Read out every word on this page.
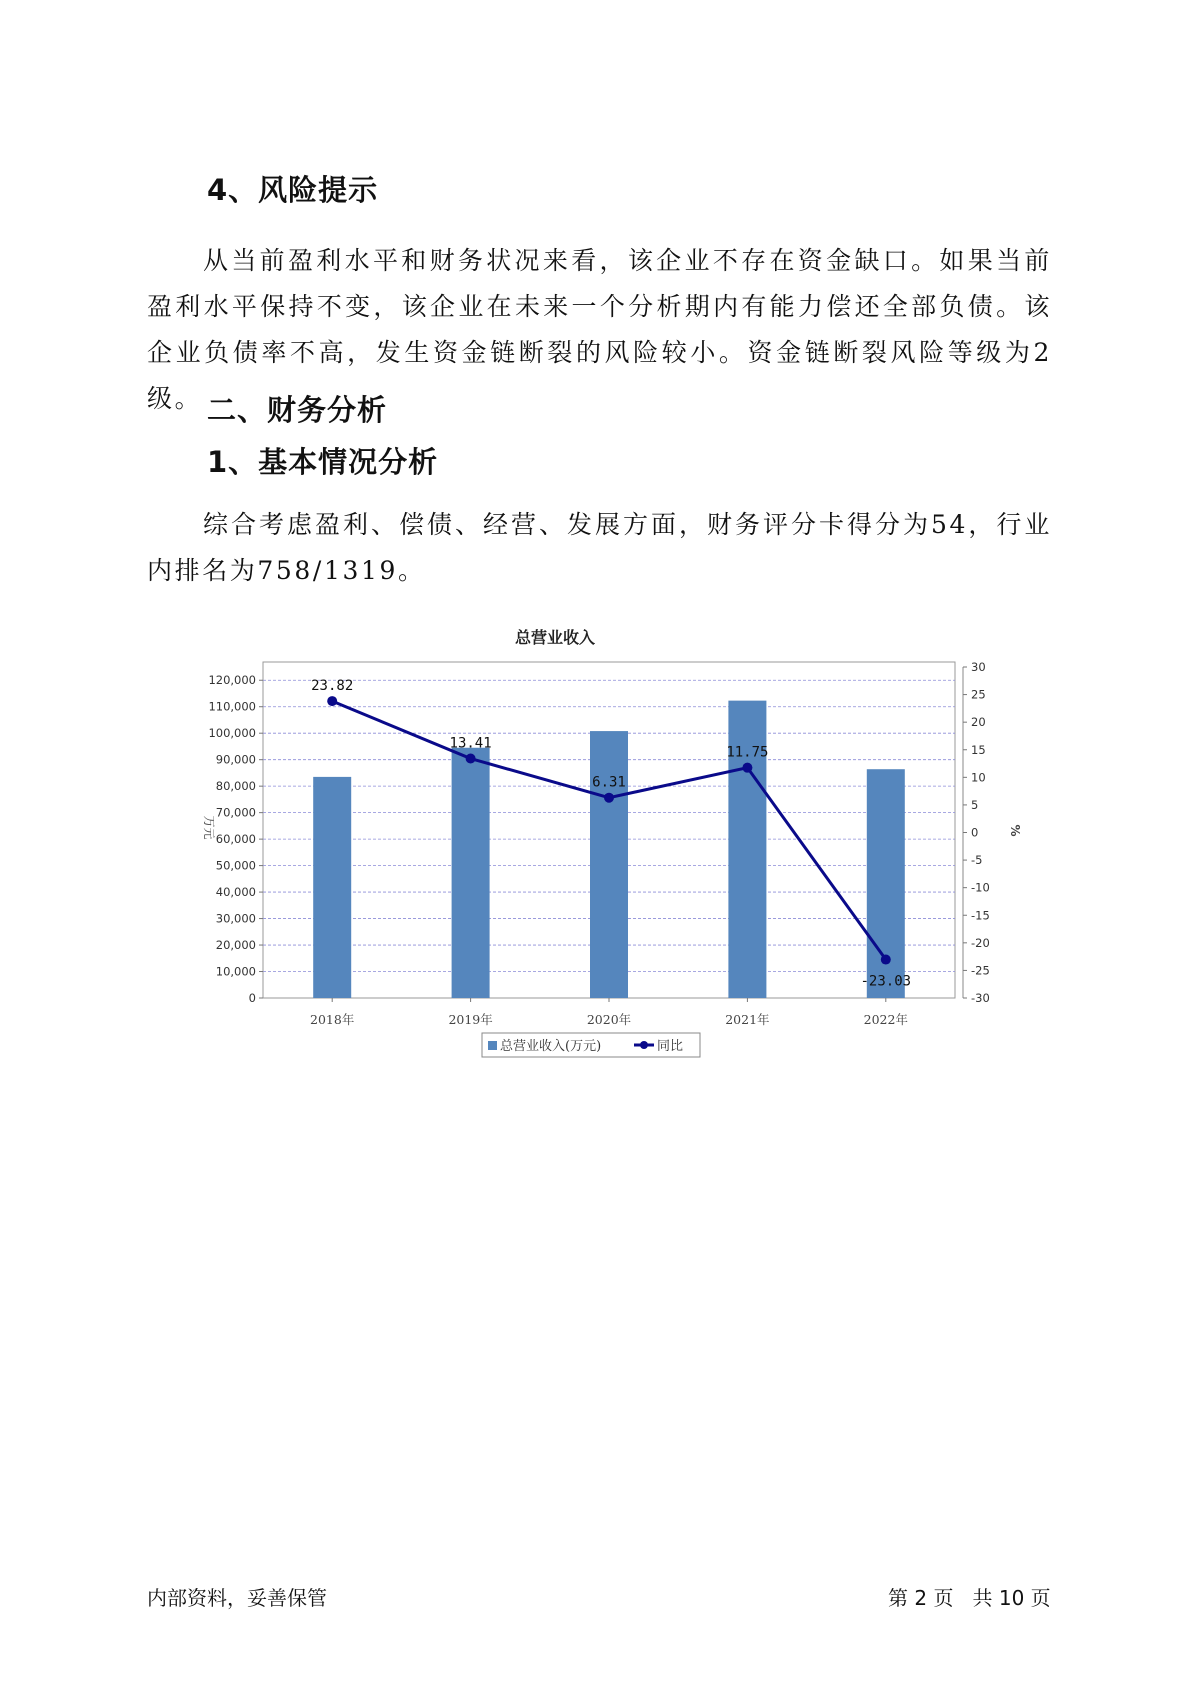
4、风险提示
从当前盈利水平和财务状况来看，该企业不存在资金缺口。如果当前盈利水平保持不变，该企业在未来一个分析期内有能力偿还全部负债。该企业负债率不高，发生资金链断裂的风险较小。资金链断裂风险等级为2级。 二、财务分析
1、基本情况分析
综合考虑盈利、偿债、经营、发展方面，财务评分卡得分为54，行业内排名为758/1319。
总营业收入
0
10,000
20,000
30,000
40,000
50,000
60,000
70,000
80,000
90,000
100,000
110,000
120,000
-30
-25
-20
-15
-10
-5
0
5
10
15
20
25
30
万元	%
2018年	2019年	2020年	2021年	2022年
23.82
13.41
6.31
11.75
-23.03
总营业收入(万元)	同比
内部资料，妥善保管	第 2 页   共 10 页
